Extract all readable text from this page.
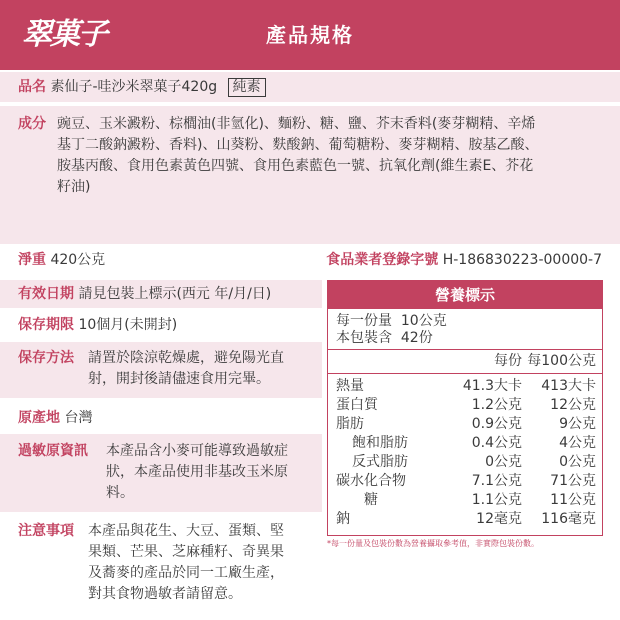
翠菓子	產品規格
品名 素仙子-哇沙米翠菓子420g 純素
成分 豌豆、玉米澱粉、棕櫚油(非氫化)、麵粉、糖、鹽、芥末香料(麥芽糊精、辛烯
基丁二酸鈉澱粉、香料)、山葵粉、麩酸鈉、葡萄糖粉、麥芽糊精、胺基乙酸、
胺基丙酸、食用色素黃色四號、食用色素藍色一號、抗氧化劑(維生素E、芥花
籽油)
淨重 420公克	食品業者登錄字號 H-186830223-00000-7
有效日期 請見包裝上標示(西元 年/月/日)
保存期限 10個月(未開封)
保存方法 請置於陰涼乾燥處，避免陽光直
射，開封後請儘速食用完畢。
原產地 台灣
過敏原資訊 本產品含小麥可能導致過敏症
狀，本產品使用非基改玉米原
料。
注意事項 本產品與花生、大豆、蛋類、堅
果類、芒果、芝麻種籽、奇異果
及蕎麥的產品於同一工廠生產，
對其食物過敏者請留意。
營養標示
每一份量  10公克
本包裝含  42份
每份 每100公克
熱量	41.3大卡	413大卡
蛋白質	1.2公克	12公克
脂肪	0.9公克	9公克
飽和脂肪	0.4公克	4公克
反式脂肪	0公克	0公克
碳水化合物	7.1公克	71公克
糖	1.1公克	11公克
鈉	12毫克	116毫克
*每一份量及包裝份數為營養攝取參考值，非實際包裝份數。
